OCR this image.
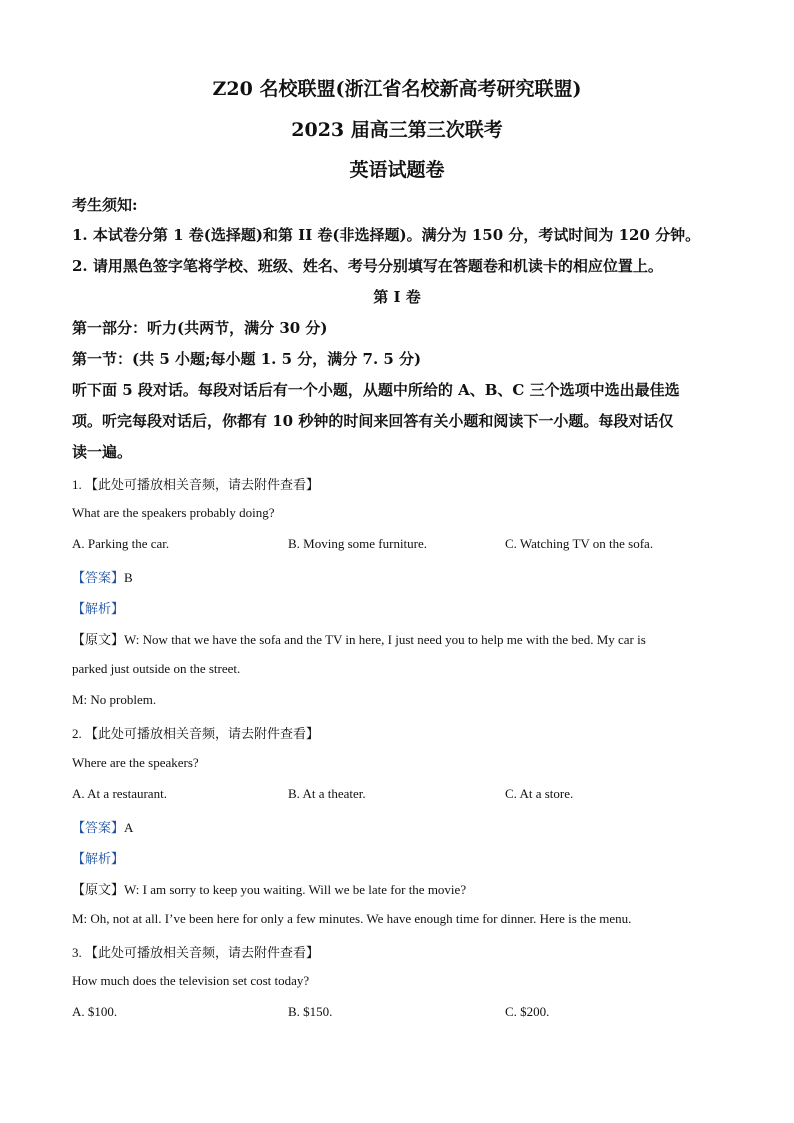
Z20 名校联盟(浙江省名校新高考研究联盟)
2023 届高三第三次联考
英语试题卷
考生须知:
1. 本试卷分第 1 卷(选择题)和第 II 卷(非选择题)。满分为 150 分，考试时间为 120 分钟。
2. 请用黑色签字笔将学校、班级、姓名、考号分别填写在答题卷和机读卡的相应位置上。
第 I 卷
第一部分：听力(共两节，满分 30 分)
第一节：(共 5 小题;每小题 1. 5 分，满分 7. 5 分)
听下面 5 段对话。每段对话后有一个小题，从题中所给的 A、B、C 三个选项中选出最佳选
项。听完每段对话后，你都有 10 秒钟的时间来回答有关小题和阅读下一小题。每段对话仅
读一遍。
1. 【此处可播放相关音频，请去附件查看】
What are the speakers probably doing?
A. Parking the car.	B. Moving some furniture.	C. Watching TV on the sofa.
【答案】B
【解析】
【原文】W: Now that we have the sofa and the TV in here, I just need you to help me with the bed. My car is
parked just outside on the street.
M: No problem.
2. 【此处可播放相关音频，请去附件查看】
Where are the speakers?
A. At a restaurant.	B. At a theater.	C. At a store.
【答案】A
【解析】
【原文】W: I am sorry to keep you waiting. Will we be late for the movie?
M: Oh, not at all. I’ve been here for only a few minutes. We have enough time for dinner. Here is the menu.
3. 【此处可播放相关音频，请去附件查看】
How much does the television set cost today?
A. $100.	B. $150.	C. $200.
